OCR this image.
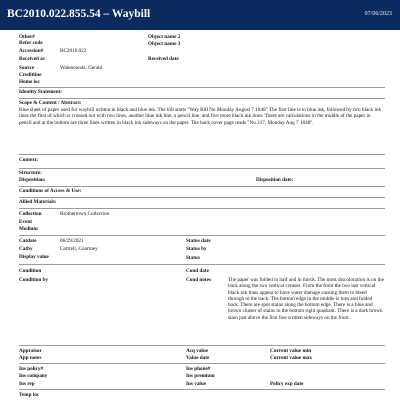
BC2010.022.855.54 – Waybill	07/06/2023
Other#
Refer code
Accession#	BC2010.022
Received as
Source	Walenowski, Gerald
Creditline
Home loc
Object name 2
Object name 3
Received date
Identity Statement:
Scope & Content / Abstract:
Blue sheet of paper used for waybill written in black and blue ink. The bill starts "Way Bill No Monday August 7 1848" The first line is in blue ink, followed by two black ink lines the first of which is crossed out with two lines, another blue ink line, a pencil line, and five more black ink lines. There are calculations in the middle of the paper in pencil and at the bottom are three lines written in black ink sideways on the paper. The back cover page reads "No 217, Monday Aug 7 1848".
Context:
Structure:
Disposition:	Disposition date:
Conditions of Access & Use:
Allied Materials:
Collection	Brothertown Collection
Event
Medium
Catdate	06/29/2021
Catby	Cottrell, Courtney
Display value
Status date
Status by
Status
Condition
Condition by
Cond date
Cond notes	The paper was folded in half and in thirds. The most discoloration is on the back along the two vertical creases. From the front the two last vertical black ink lines appear to have water damage causing them to bleed through to the back. The bottom edge in the middle is torn and folded back. There are spot stains along the bottom edge. There is a blue and brown cluster of stains in the bottom right quadrant. There is a dark brown stain just above the first line written sideways on the front.
Appraisor
App notes
Acq value
Value date
Current value min
Current value max
Ins policy#
Ins company
Ins rep
Ins phone#
Ins premium
Ins value	Policy exp date
Temp loc
